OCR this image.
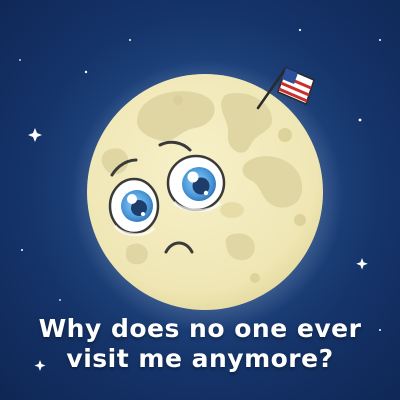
Why does no one ever
visit me anymore?
